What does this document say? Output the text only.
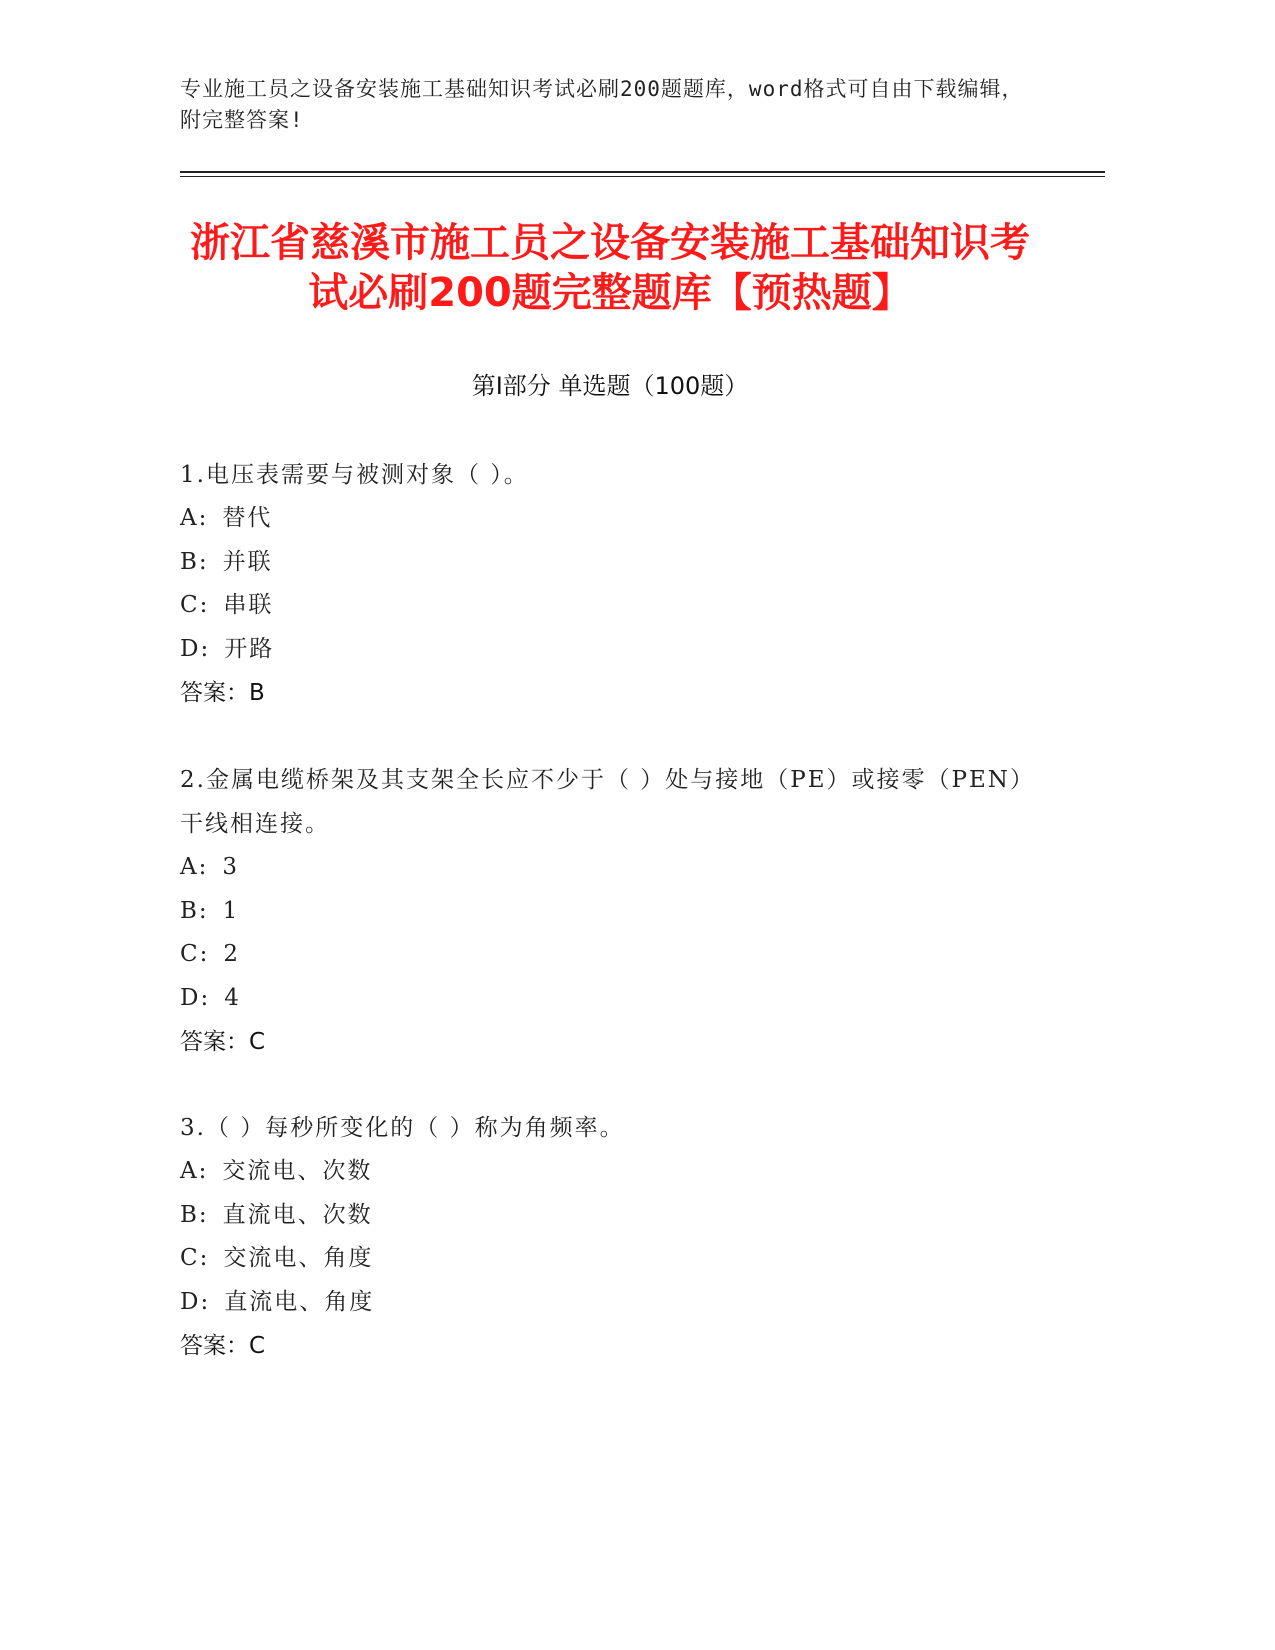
专业施工员之设备安装施工基础知识考试必刷200题题库，word格式可自由下载编辑，附完整答案!
浙江省慈溪市施工员之设备安装施工基础知识考试必刷200题完整题库【预热题】
第I部分 单选题（100题）
1.电压表需要与被测对象（ ）。
A: 替代
B: 并联
C: 串联
D: 开路
答案：B
2.金属电缆桥架及其支架全长应不少于（ ）处与接地（PE）或接零（PEN）干线相连接。
A: 3
B: 1
C: 2
D: 4
答案：C
3.（ ）每秒所变化的（ ）称为角频率。
A: 交流电、次数
B: 直流电、次数
C: 交流电、角度
D: 直流电、角度
答案：C
